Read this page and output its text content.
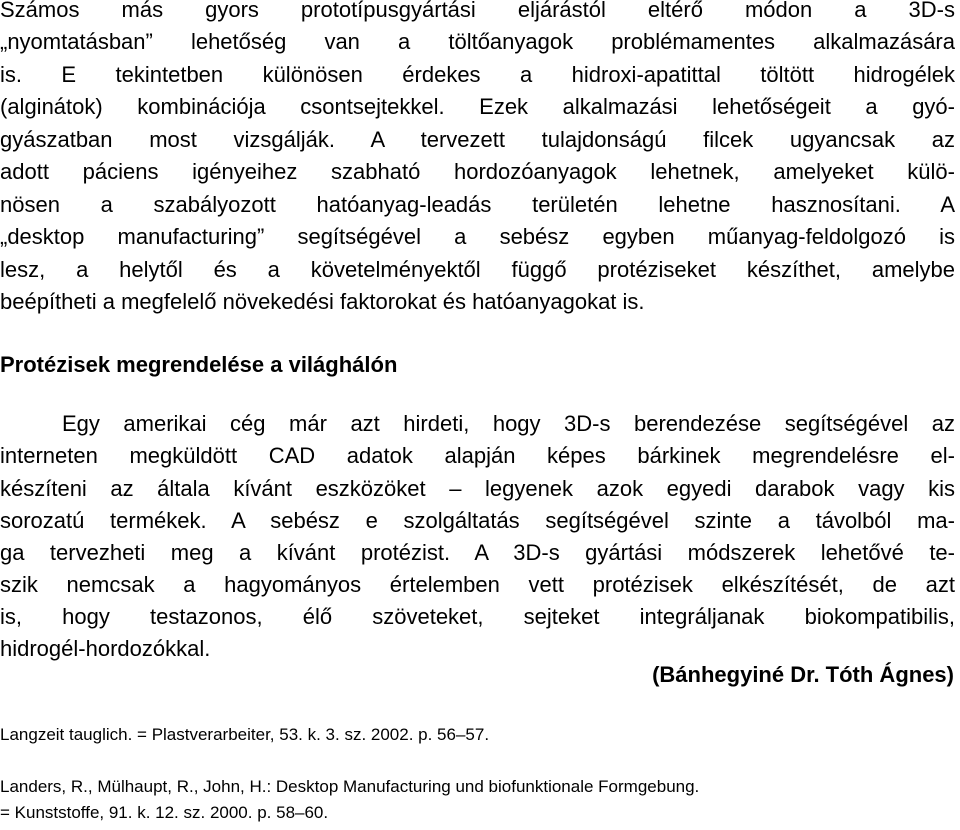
Számos más gyors prototípusgyártási eljárástól eltérő módon a 3D-s
„nyomtatásban” lehetőség van a töltőanyagok problémamentes alkalmazására
is. E tekintetben különösen érdekes a hidroxi-apatittal töltött hidrogélek
(alginátok) kombinációja csontsejtekkel. Ezek alkalmazási lehetőségeit a gyó-
gyászatban most vizsgálják. A tervezett tulajdonságú filcek ugyancsak az
adott páciens igényeihez szabható hordozóanyagok lehetnek, amelyeket külö-
nösen a szabályozott hatóanyag-leadás területén lehetne hasznosítani. A
„desktop manufacturing” segítségével a sebész egyben műanyag-feldolgozó is
lesz, a helytől és a követelményektől függő protéziseket készíthet, amelybe
beépítheti a megfelelő növekedési faktorokat és hatóanyagokat is.
Protézisek megrendelése a világhálón
Egy amerikai cég már azt hirdeti, hogy 3D-s berendezése segítségével az
interneten megküldött CAD adatok alapján képes bárkinek megrendelésre el-
készíteni az általa kívánt eszközöket – legyenek azok egyedi darabok vagy kis
sorozatú termékek. A sebész e szolgáltatás segítségével szinte a távolból ma-
ga tervezheti meg a kívánt protézist. A 3D-s gyártási módszerek lehetővé te-
szik nemcsak a hagyományos értelemben vett protézisek elkészítését, de azt
is, hogy testazonos, élő szöveteket, sejteket integráljanak biokompatibilis,
hidrogél-hordozókkal.
(Bánhegyiné Dr. Tóth Ágnes)
Langzeit tauglich. = Plastverarbeiter, 53. k. 3. sz. 2002. p. 56–57.
Landers, R., Mülhaupt, R., John, H.: Desktop Manufacturing und biofunktionale Formgebung.
= Kunststoffe, 91. k. 12. sz. 2000. p. 58–60.
